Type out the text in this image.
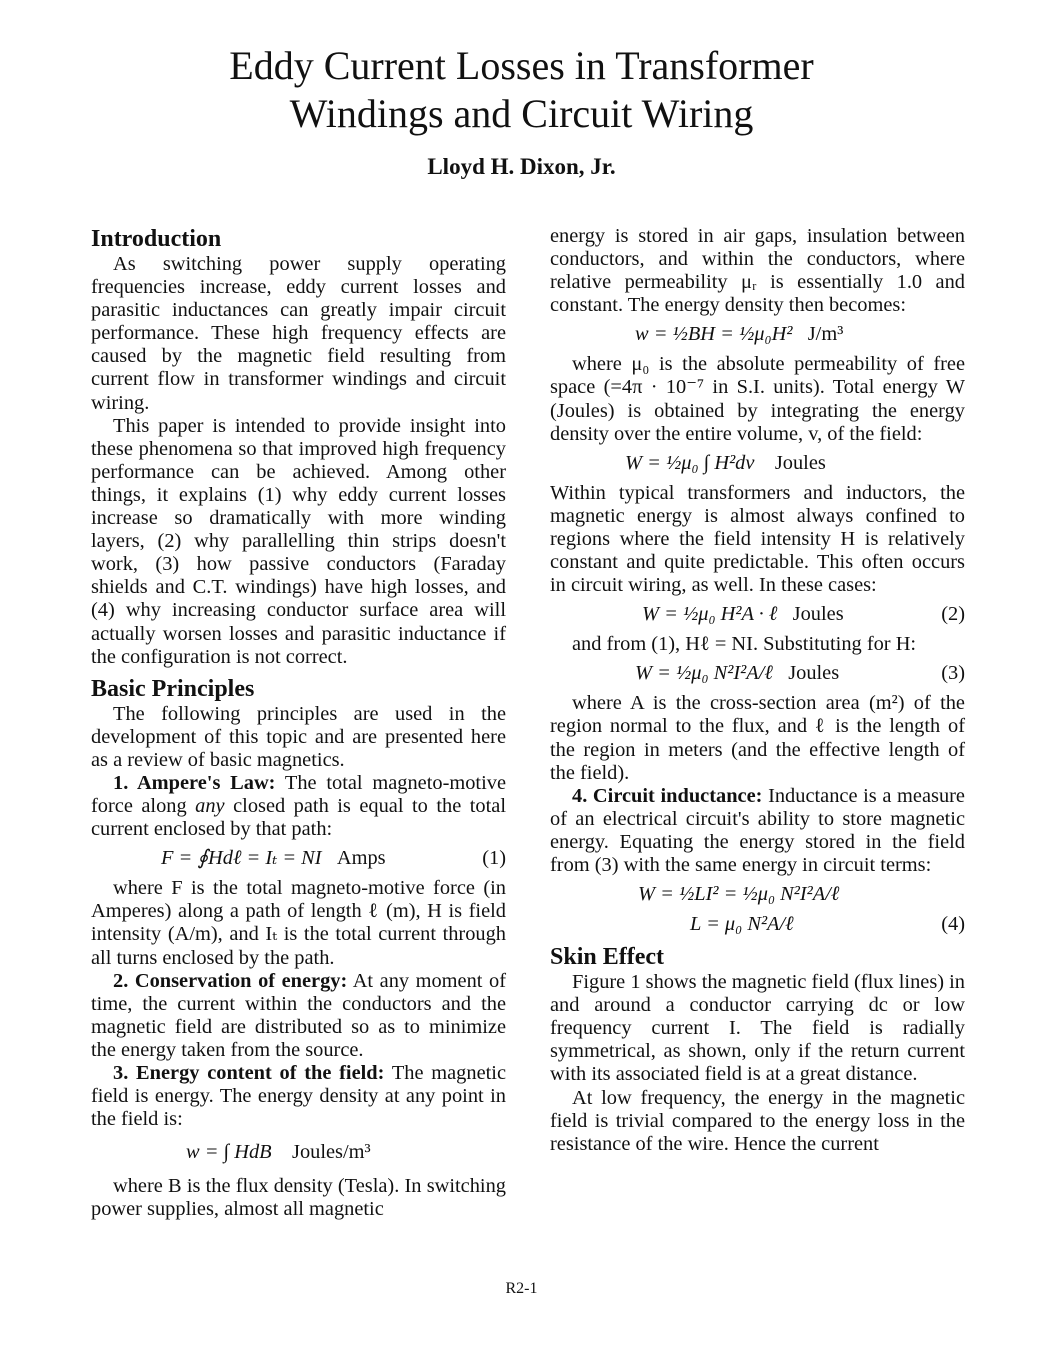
Eddy Current Losses in Transformer
Windings and Circuit Wiring
Lloyd H. Dixon, Jr.
Introduction

As switching power supply operating frequencies increase, eddy current losses and parasitic inductances can greatly impair circuit performance. These high frequency effects are caused by the magnetic field resulting from current flow in transformer windings and circuit wiring.

This paper is intended to provide insight into these phenomena so that improved high frequency performance can be achieved. Among other things, it explains (1) why eddy current losses increase so dramatically with more winding layers, (2) why parallelling thin strips doesn't work, (3) how passive conductors (Faraday shields and C.T. windings) have high losses, and (4) why increasing conductor surface area will actually worsen losses and parasitic inductance if the configuration is not correct.

Basic Principles

The following principles are used in the development of this topic and are presented here as a review of basic magnetics.

1. Ampere's Law: The total magneto-motive force along any closed path is equal to the total current enclosed by that path:

F = ∮Hdℓ = Iₜ = NI Amps	(1)

where F is the total magneto-motive force (in Amperes) along a path of length ℓ (m), H is field intensity (A/m), and Iₜ is the total current through all turns enclosed by the path.

2. Conservation of energy: At any moment of time, the current within the conductors and the magnetic field are distributed so as to minimize the energy taken from the source.

3. Energy content of the field: The magnetic field is energy. The energy density at any point in the field is:

w = ∫ HdB Joules/m³

where B is the flux density (Tesla). In switching power supplies, almost all magnetic

energy is stored in air gaps, insulation between conductors, and within the conductors, where relative permeability μᵣ is essentially 1.0 and constant. The energy density then becomes:

w = ½BH = ½μ₀H² J/m³

where μ₀ is the absolute permeability of free space (=4π · 10⁻⁷ in S.I. units). Total energy W (Joules) is obtained by integrating the energy density over the entire volume, v, of the field:

W = ½μ₀ ∫ H²dv Joules

Within typical transformers and inductors, the magnetic energy is almost always confined to regions where the field intensity H is relatively constant and quite predictable. This often occurs in circuit wiring, as well. In these cases:

W = ½μ₀ H²A · ℓ Joules	(2)

and from (1), Hℓ = NI. Substituting for H:

W = ½μ₀ N²I²A/ℓ Joules	(3)

where A is the cross-section area (m²) of the region normal to the flux, and ℓ is the length of the region in meters (and the effective length of the field).

4. Circuit inductance: Inductance is a measure of an electrical circuit's ability to store magnetic energy. Equating the energy stored in the field from (3) with the same energy in circuit terms:

W = ½LI² = ½μ₀ N²I²A/ℓ
L = μ₀ N²A/ℓ	(4)
Skin Effect

Figure 1 shows the magnetic field (flux lines) in and around a conductor carrying dc or low frequency current I. The field is radially symmetrical, as shown, only if the return current with its associated field is at a great distance.

At low frequency, the energy in the magnetic field is trivial compared to the energy loss in the resistance of the wire. Hence the current

R2-1
